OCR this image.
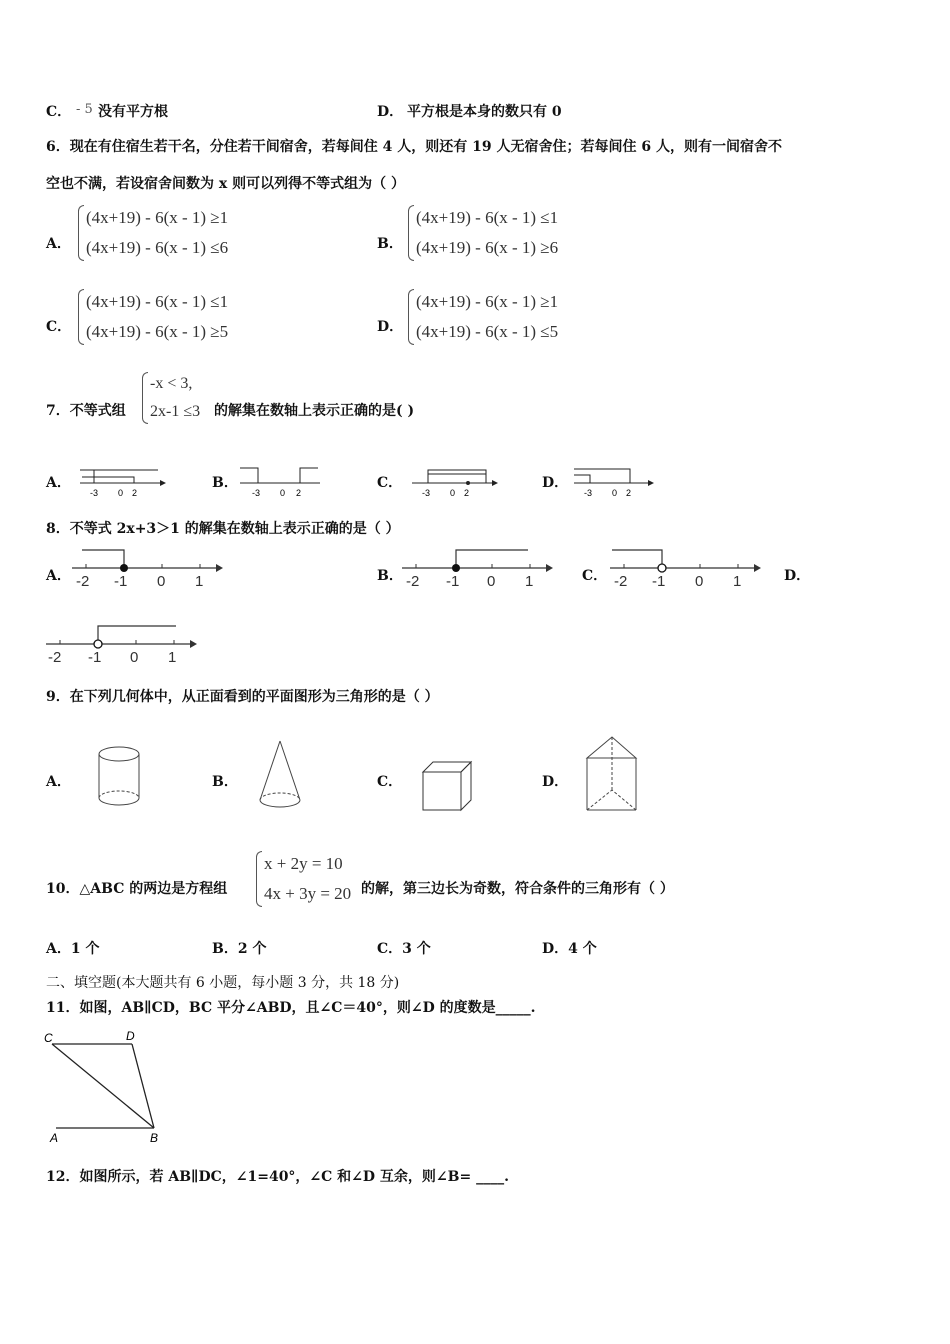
C． - 5 没有平方根	D． 平方根是本身的数只有 0
6．现在有住宿生若干名，分住若干间宿舍，若每间住 4 人，则还有 19 人无宿舍住；若每间住 6 人，则有一间宿舍不
空也不满，若设宿舍间数为 x 则可以列得不等式组为（ ）
A．
(4x+19) - 6(x - 1) ≥1
(4x+19) - 6(x - 1) ≤6	B．
(4x+19) - 6(x - 1) ≤1
(4x+19) - 6(x - 1) ≥6
C．
(4x+19) - 6(x - 1) ≤1
(4x+19) - 6(x - 1) ≥5	D．
(4x+19) - 6(x - 1) ≥1
(4x+19) - 6(x - 1) ≤5
7．不等式组
-x < 3,
2x-1 ≤3 的解集在数轴上表示正确的是( )
A．	B．	C．	D．
-3 0 2	-3 0 2	-3 0 2	-3 0 2
8．不等式 2x+3＞1 的解集在数轴上表示正确的是（ ）
A．	B．	C．	D．
-2 -1 0 1	-2 -1 0 1	-2 -1 0 1
-2 -1 0 1
9．在下列几何体中，从正面看到的平面图形为三角形的是（ ）
A．	B．	C．	D．
10．△ABC 的两边是方程组
x + 2y = 10
4x + 3y = 20 的解，第三边长为奇数，符合条件的三角形有（ ）
A．1 个	B．2 个	C．3 个	D．4 个
二、填空题(本大题共有 6 小题，每小题 3 分，共 18 分)
11．如图，AB∥CD，BC 平分∠ABD，且∠C＝40°，则∠D 的度数是_____.
C	D
A	B
12．如图所示，若 AB∥DC，∠1=40°，∠C 和∠D 互余，则∠B= ____.
